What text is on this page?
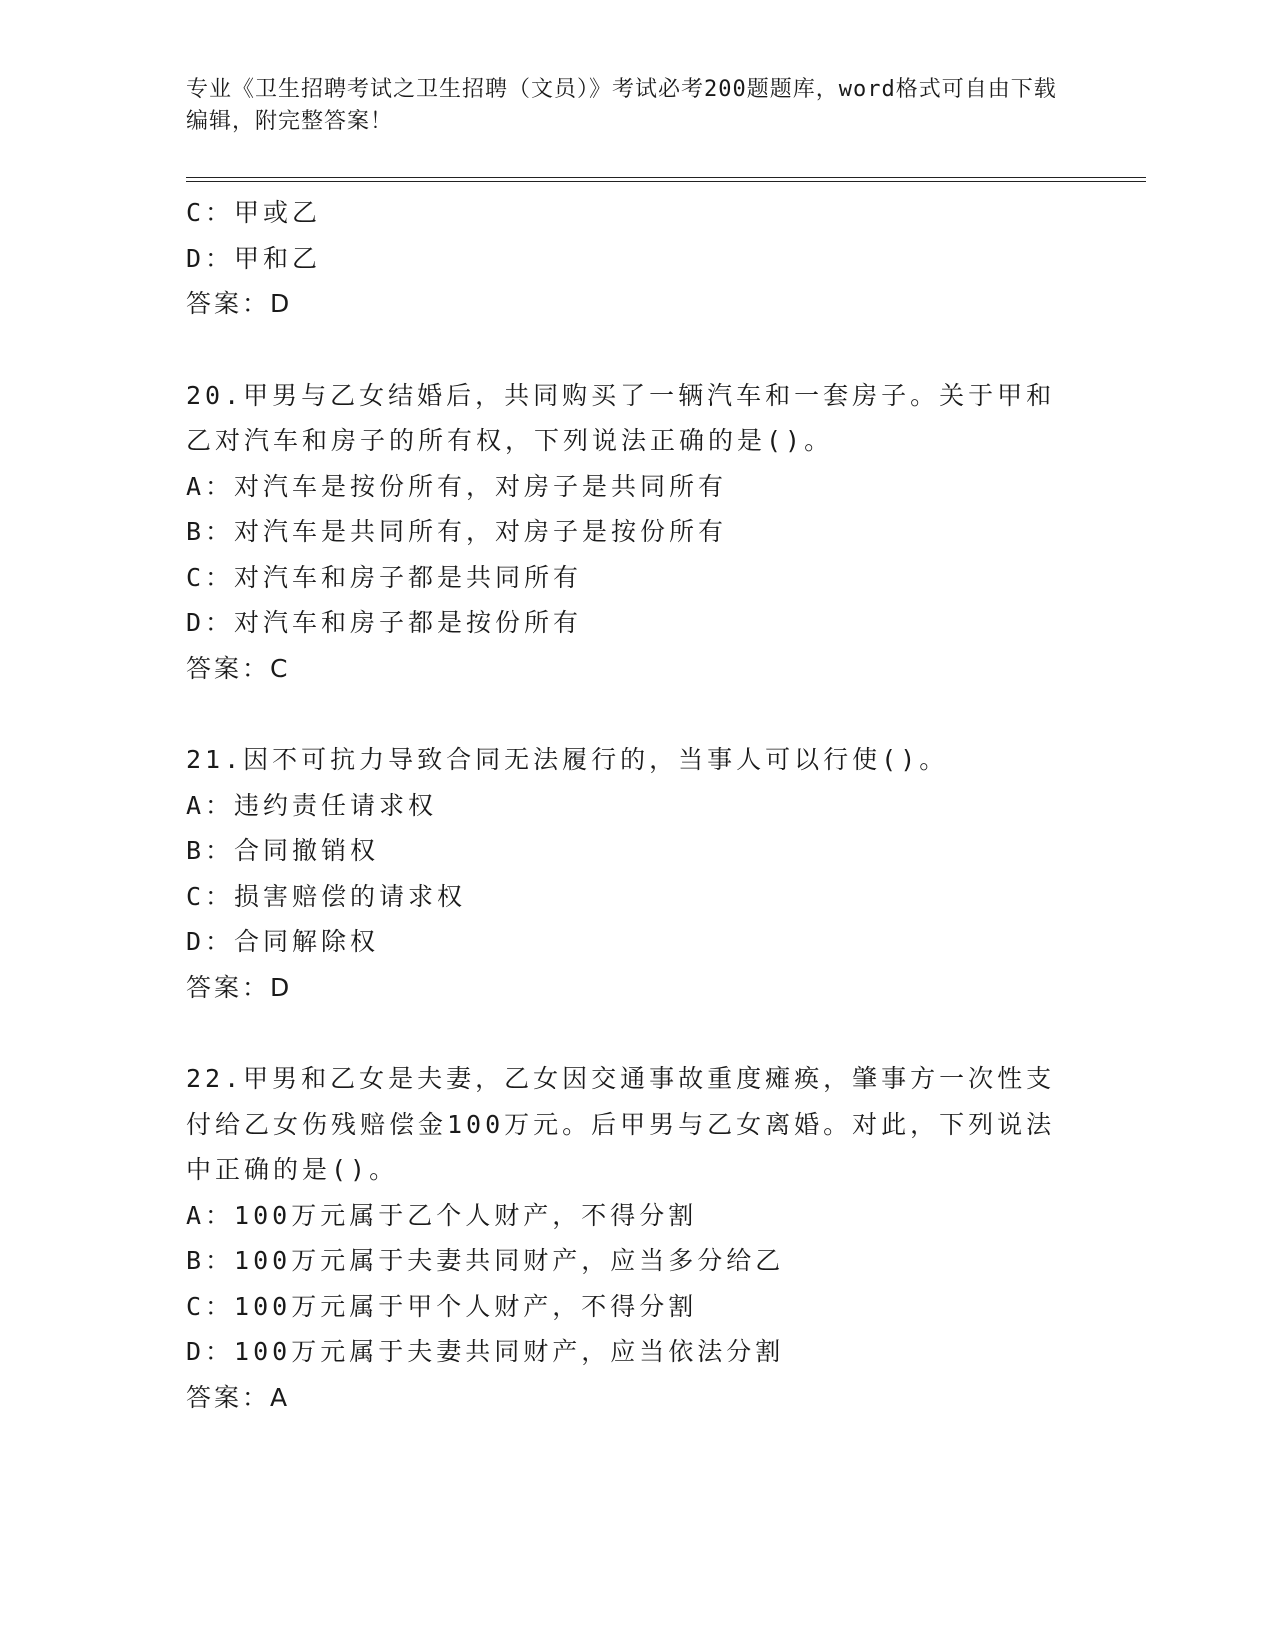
专业《卫生招聘考试之卫生招聘（文员）》考试必考200题题库，word格式可自由下载编辑，附完整答案！
C：甲或乙
D：甲和乙
答案：D
20.甲男与乙女结婚后，共同购买了一辆汽车和一套房子。关于甲和乙对汽车和房子的所有权，下列说法正确的是()。
A：对汽车是按份所有，对房子是共同所有
B：对汽车是共同所有，对房子是按份所有
C：对汽车和房子都是共同所有
D：对汽车和房子都是按份所有
答案：C
21.因不可抗力导致合同无法履行的，当事人可以行使()。
A：违约责任请求权
B：合同撤销权
C：损害赔偿的请求权
D：合同解除权
答案：D
22.甲男和乙女是夫妻，乙女因交通事故重度瘫痪，肇事方一次性支付给乙女伤残赔偿金100万元。后甲男与乙女离婚。对此，下列说法中正确的是()。
A：100万元属于乙个人财产，不得分割
B：100万元属于夫妻共同财产，应当多分给乙
C：100万元属于甲个人财产，不得分割
D：100万元属于夫妻共同财产，应当依法分割
答案：A
